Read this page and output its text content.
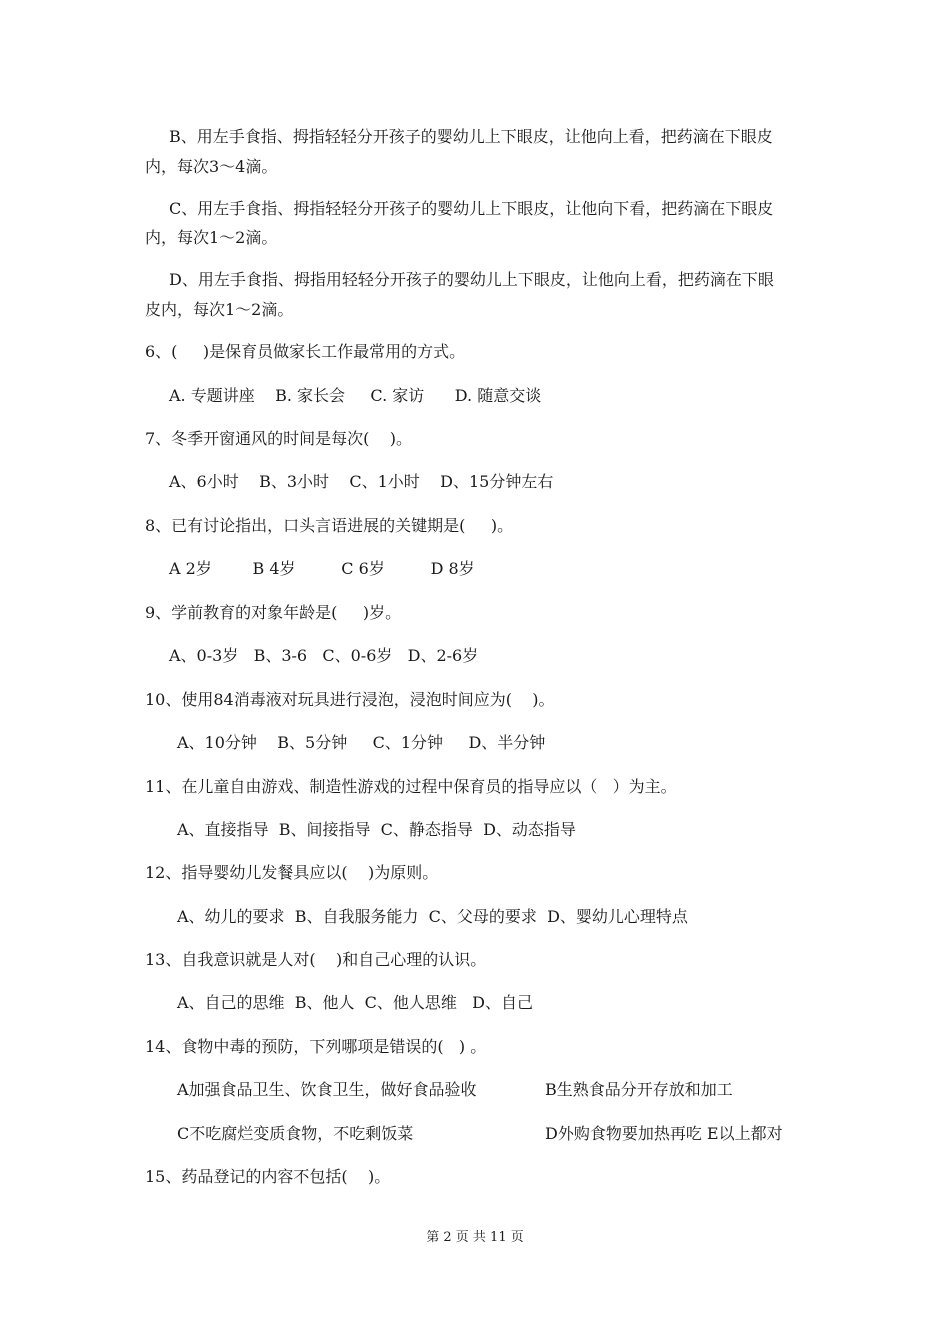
B、用左手食指、拇指轻轻分开孩子的婴幼儿上下眼皮，让他向上看，把药滴在下眼皮
内，每次3～4滴。
C、用左手食指、拇指轻轻分开孩子的婴幼儿上下眼皮，让他向下看，把药滴在下眼皮
内，每次1～2滴。
D、用左手食指、拇指用轻轻分开孩子的婴幼儿上下眼皮，让他向上看，把药滴在下眼
皮内，每次1～2滴。
6、(     )是保育员做家长工作最常用的方式。
A. 专题讲座    B. 家长会     C. 家访      D. 随意交谈
7、冬季开窗通风的时间是每次(    )。
A、6小时    B、3小时    C、1小时    D、15分钟左右
8、已有讨论指出，口头言语进展的关键期是(     )。
A 2岁        B 4岁         C 6岁         D 8岁
9、学前教育的对象年龄是(     )岁。
A、0-3岁   B、3-6   C、0-6岁   D、2-6岁
10、使用84消毒液对玩具进行浸泡，浸泡时间应为(    )。
A、10分钟    B、5分钟     C、1分钟     D、半分钟
11、在儿童自由游戏、制造性游戏的过程中保育员的指导应以（   ）为主。
A、直接指导  B、间接指导  C、静态指导  D、动态指导
12、指导婴幼儿发餐具应以(    )为原则。
A、幼儿的要求  B、自我服务能力  C、父母的要求  D、婴幼儿心理特点
13、自我意识就是人对(    )和自己心理的认识。
A、自己的思维  B、他人  C、他人思维   D、自己
14、食物中毒的预防，下列哪项是错误的(   ) 。
A加强食品卫生、饮食卫生，做好食品验收	B生熟食品分开存放和加工
C不吃腐烂变质食物，不吃剩饭菜	D外购食物要加热再吃 E以上都对
15、药品登记的内容不包括(    )。
第 2 页 共 11 页
